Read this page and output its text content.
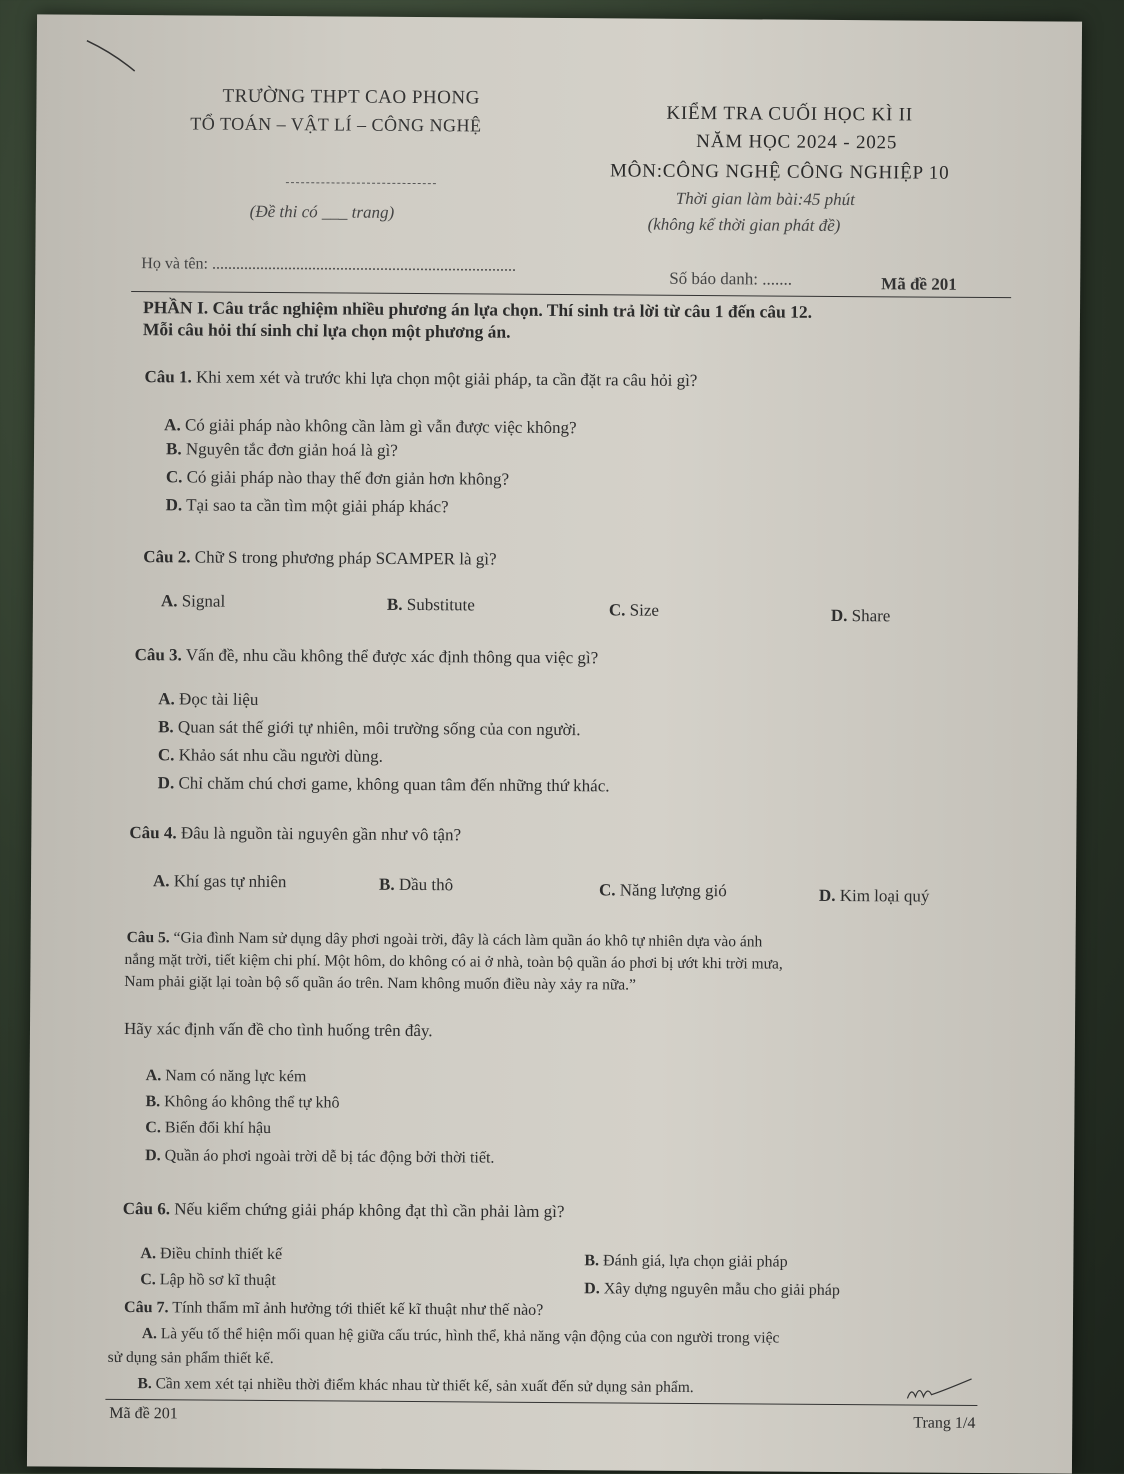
TRƯỜNG THPT CAO PHONG
TỔ TOÁN – VẬT LÍ – CÔNG NGHỆ
(Đề thi có ___ trang)
KIỂM TRA CUỐI HỌC KÌ II
NĂM HỌC 2024 - 2025
MÔN:CÔNG NGHỆ CÔNG NGHIỆP 10
Thời gian làm bài:45 phút
(không kể thời gian phát đề)
Họ và tên: ............................................................................
Số báo danh: .......	Mã đề 201
PHẦN I. Câu trắc nghiệm nhiều phương án lựa chọn. Thí sinh trả lời từ câu 1 đến câu 12.
Mỗi câu hỏi thí sinh chỉ lựa chọn một phương án.
Câu 1. Khi xem xét và trước khi lựa chọn một giải pháp, ta cần đặt ra câu hỏi gì?
A. Có giải pháp nào không cần làm gì vẫn được việc không?
B. Nguyên tắc đơn giản hoá là gì?
C. Có giải pháp nào thay thế đơn giản hơn không?
D. Tại sao ta cần tìm một giải pháp khác?
Câu 2. Chữ S trong phương pháp SCAMPER là gì?
A. Signal	B. Substitute	C. Size	D. Share
Câu 3. Vấn đề, nhu cầu không thể được xác định thông qua việc gì?
A. Đọc tài liệu
B. Quan sát thế giới tự nhiên, môi trường sống của con người.
C. Khảo sát nhu cầu người dùng.
D. Chỉ chăm chú chơi game, không quan tâm đến những thứ khác.
Câu 4. Đâu là nguồn tài nguyên gần như vô tận?
A. Khí gas tự nhiên	B. Dầu thô	C. Năng lượng gió	D. Kim loại quý
Câu 5. “Gia đình Nam sử dụng dây phơi ngoài trời, đây là cách làm quần áo khô tự nhiên dựa vào ánh
nắng mặt trời, tiết kiệm chi phí. Một hôm, do không có ai ở nhà, toàn bộ quần áo phơi bị ướt khi trời mưa,
Nam phải giặt lại toàn bộ số quần áo trên. Nam không muốn điều này xảy ra nữa.”
Hãy xác định vấn đề cho tình huống trên đây.
A. Nam có năng lực kém
B. Không áo không thể tự khô
C. Biến đổi khí hậu
D. Quần áo phơi ngoài trời dễ bị tác động bởi thời tiết.
Câu 6. Nếu kiểm chứng giải pháp không đạt thì cần phải làm gì?
A. Điều chỉnh thiết kế	B. Đánh giá, lựa chọn giải pháp
C. Lập hồ sơ kĩ thuật	D. Xây dựng nguyên mẫu cho giải pháp
Câu 7. Tính thẩm mĩ ảnh hưởng tới thiết kế kĩ thuật như thế nào?
A. Là yếu tố thể hiện mối quan hệ giữa cấu trúc, hình thể, khả năng vận động của con người trong việc
sử dụng sản phẩm thiết kế.
B. Cần xem xét tại nhiều thời điểm khác nhau từ thiết kế, sản xuất đến sử dụng sản phẩm.
Mã đề 201
Trang 1/4
